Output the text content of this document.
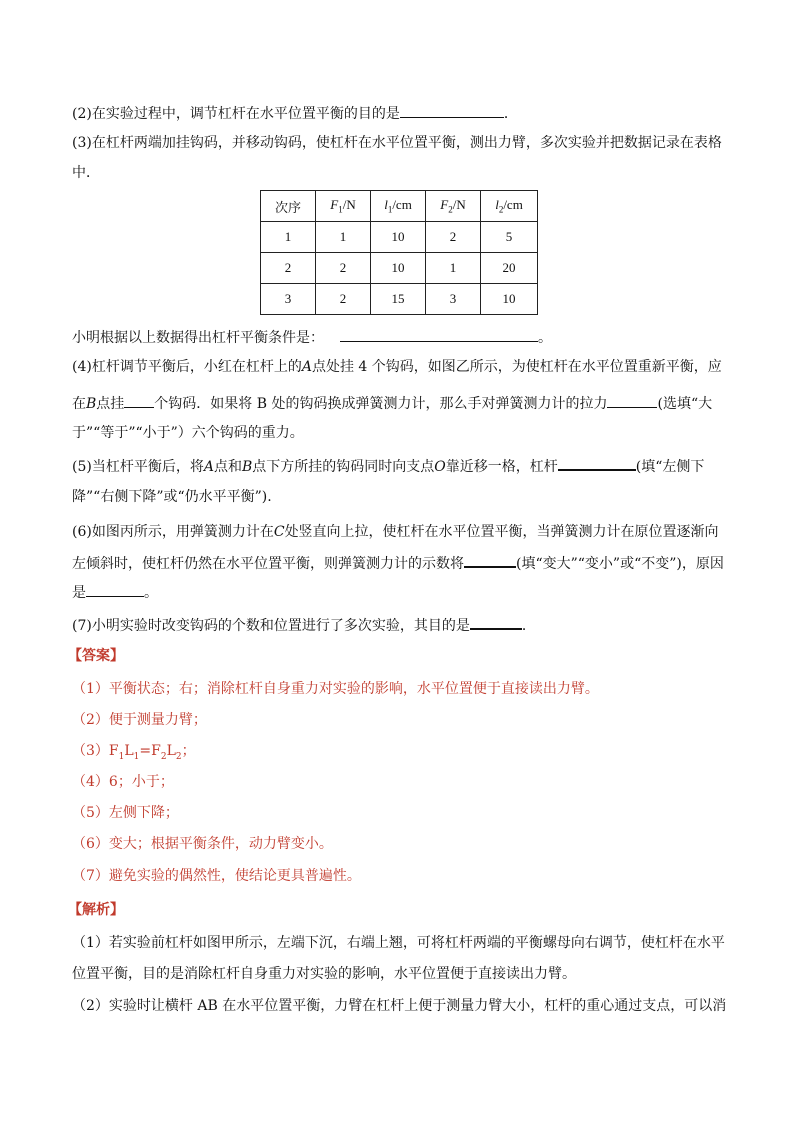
(2)在实验过程中，调节杠杆在水平位置平衡的目的是	．
(3)在杠杆两端加挂钩码，并移动钩码，使杠杆在水平位置平衡，测出力臂，多次实验并把数据记录在表格
中．
次序	$F_1/N$	$l_1/cm$	$F_2/N$	$l_2/cm$
1	1	10	2	5
2	2	10	1	20
3	2	15	3	10
小明根据以上数据得出杠杆平衡条件是：	。
(4)杠杆调节平衡后，小红在杠杆上的A点处挂 4 个钩码，如图乙所示，为使杠杆在水平位置重新平衡，应
在B点挂 个钩码．如果将 B 处的钩码换成弹簧测力计，那么手对弹簧测力计的拉力	(选填“大
于”“等于”“小于”）六个钩码的重力。
(5)当杠杆平衡后，将A点和B点下方所挂的钩码同时向支点O靠近移一格，杠杆	(填“左侧下
降”“右侧下降”或“仍水平平衡”).
(6)如图丙所示，用弹簧测力计在C处竖直向上拉，使杠杆在水平位置平衡，当弹簧测力计在原位置逐渐向
左倾斜时，使杠杆仍然在水平位置平衡，则弹簧测力计的示数将	(填“变大”“变小”或“不变”)，原因
是	。
(7)小明实验时改变钩码的个数和位置进行了多次实验，其目的是	．
【答案】
（1）平衡状态；右；消除杠杆自身重力对实验的影响，水平位置便于直接读出力臂。
（2）便于测量力臂；
$(3)F_1L_1=F_2L_2$；
（4）6；小于；
（5）左侧下降；
（6）变大；根据平衡条件，动力臂变小。
（7）避免实验的偶然性，使结论更具普遍性。
【解析】
（1）若实验前杠杆如图甲所示，左端下沉，右端上翘，可将杠杆两端的平衡螺母向右调节，使杠杆在水平
位置平衡，目的是消除杠杆自身重力对实验的影响，水平位置便于直接读出力臂。
（2）实验时让横杆 AB 在水平位置平衡，力臂在杠杆上便于测量力臂大小，杠杆的重心通过支点，可以消
